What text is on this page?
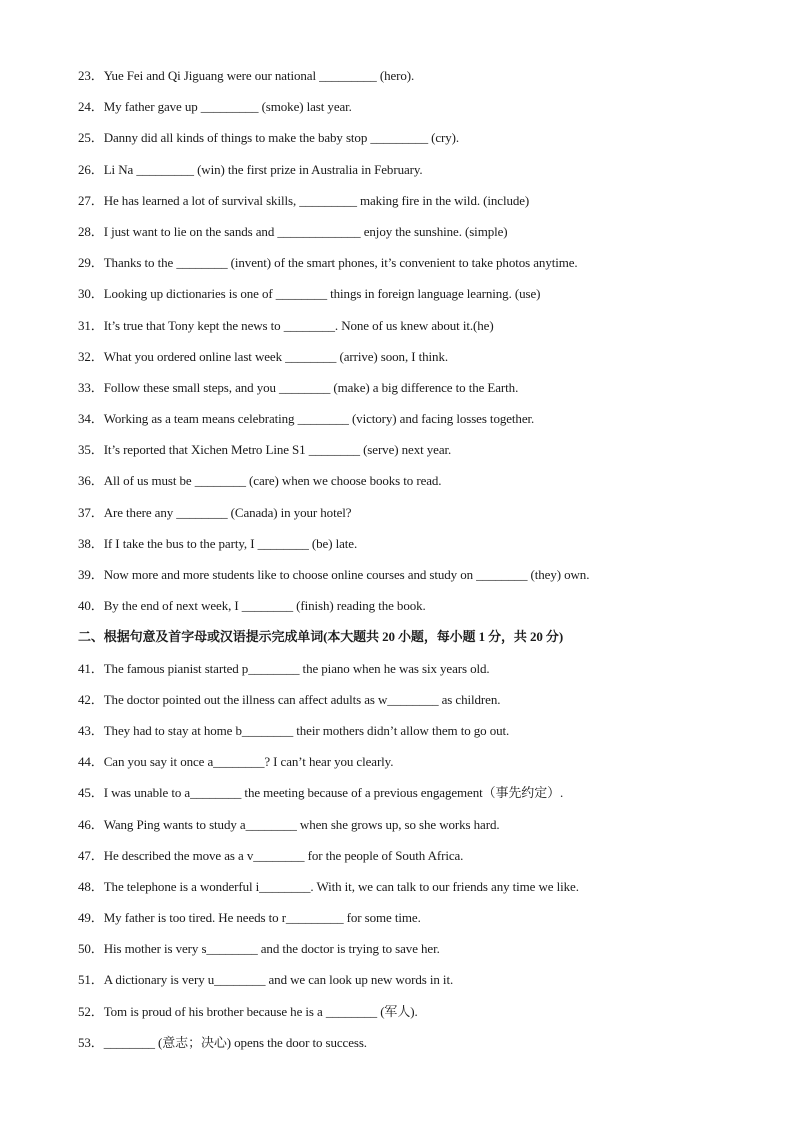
23．Yue Fei and Qi Jiguang were our national _________ (hero).
24．My father gave up _________ (smoke) last year.
25．Danny did all kinds of things to make the baby stop _________ (cry).
26．Li Na _________ (win) the first prize in Australia in February.
27．He has learned a lot of survival skills, _________ making fire in the wild. (include)
28．I just want to lie on the sands and _____________ enjoy the sunshine. (simple)
29．Thanks to the ________ (invent) of the smart phones, it’s convenient to take photos anytime.
30．Looking up dictionaries is one of ________ things in foreign language learning. (use)
31．It’s true that Tony kept the news to ________. None of us knew about it.(he)
32．What you ordered online last week ________ (arrive) soon, I think.
33．Follow these small steps, and you ________ (make) a big difference to the Earth.
34．Working as a team means celebrating ________ (victory) and facing losses together.
35．It’s reported that Xichen Metro Line S1 ________ (serve) next year.
36．All of us must be ________ (care) when we choose books to read.
37．Are there any ________ (Canada) in your hotel?
38．If I take the bus to the party, I ________ (be) late.
39．Now more and more students like to choose online courses and study on ________ (they) own.
40．By the end of next week, I ________ (finish) reading the book.
二、根据句意及首字母或汉语提示完成单词(本大题共 20 小题，每小题 1 分，共 20 分)
41．The famous pianist started p________ the piano when he was six years old.
42．The doctor pointed out the illness can affect adults as w________ as children.
43．They had to stay at home b________ their mothers didn’t allow them to go out.
44．Can you say it once a________? I can’t hear you clearly.
45．I was unable to a________ the meeting because of a previous engagement（事先约定）.
46．Wang Ping wants to study a________ when she grows up, so she works hard.
47．He described the move as a v________ for the people of South Africa.
48．The telephone is a wonderful i________. With it, we can talk to our friends any time we like.
49．My father is too tired. He needs to r_________ for some time.
50．His mother is very s________ and the doctor is trying to save her.
51．A dictionary is very u________ and we can look up new words in it.
52．Tom is proud of his brother because he is a ________ (军人).
53．________ (意志；决心) opens the door to success.
